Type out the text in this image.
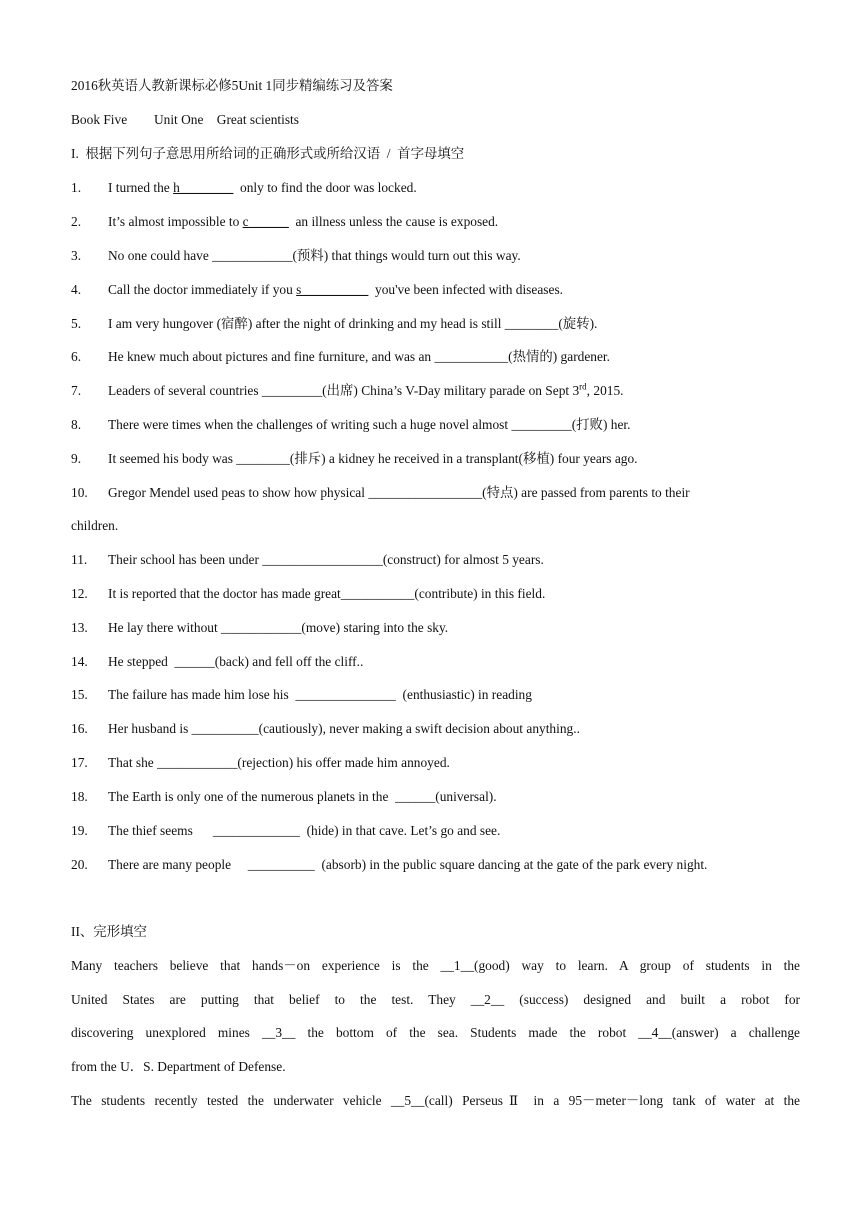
2016秋英语人教新课标必修5Unit 1同步精编练习及答案
Book Five        Unit One    Great scientists
I.  根据下列句子意思用所给词的正确形式或所给汉语  /  首字母填空
1. I turned the h________  only to find the door was locked.
2. It’s almost impossible to c______  an illness unless the cause is exposed.
3. No one could have ____________(预料) that things would turn out this way.
4. Call the doctor immediately if you s__________  you've been infected with diseases.
5. I am very hungover (宿醉) after the night of drinking and my head is still ________(旋转).
6. He knew much about pictures and fine furniture, and was an ___________(热情的) gardener.
7. Leaders of several countries _________(出席) China’s V-Day military parade on Sept 3rd, 2015.
8. There were times when the challenges of writing such a huge novel almost _________(打败) her.
9. It seemed his body was ________(排斥) a kidney he received in a transplant(移植) four years ago.
10. Gregor Mendel used peas to show how physical _________________(特点) are passed from parents to their
children.
11. Their school has been under __________________(construct) for almost 5 years.
12. It is reported that the doctor has made great___________(contribute) in this field.
13. He lay there without ____________(move) staring into the sky.
14. He stepped  ______(back) and fell off the cliff..
15. The failure has made him lose his  _______________  (enthusiastic) in reading
16. Her husband is __________(cautiously), never making a swift decision about anything..
17. That she ____________(rejection) his offer made him annoyed.
18. The Earth is only one of the numerous planets in the  ______(universal).
19. The thief seems      _____________  (hide) in that cave. Let’s go and see.
20. There are many people     __________  (absorb) in the public square dancing at the gate of the park every night.
II、完形填空
Many teachers believe that hands－on experience is the __1__(good) way to learn. A group of students in the
United States are putting that belief to the test. They __2__ (success) designed and built a robot for
discovering unexplored mines __3__ the bottom of the sea. Students made the robot __4__(answer) a challenge
from the U．S. Department of Defense.
The students recently tested the underwater vehicle __5__(call) PerseusⅡ in a 95－meter－long tank of water at the
